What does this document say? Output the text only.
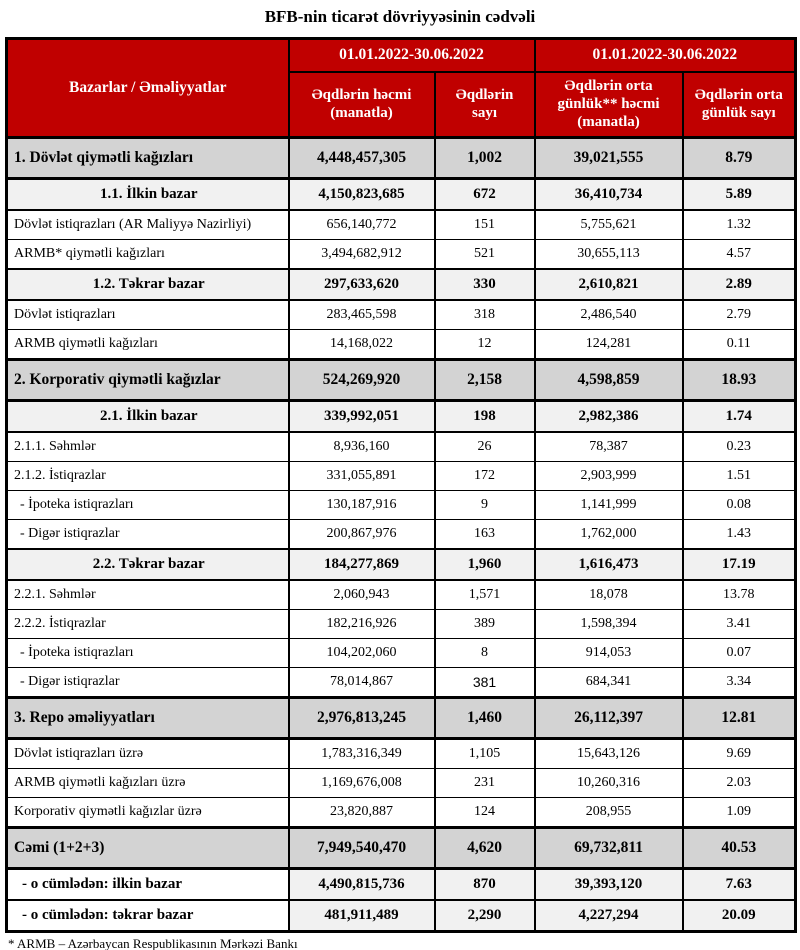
BFB-nin ticarət dövriyyəsinin cədvəli
Bazarlar / Əməliyyatlar	01.01.2022-30.06.2022		01.01.2022-30.06.2022	
	Əqdlərin həcmi (manatla)	Əqdlərin sayı	Əqdlərin orta günlük** həcmi (manatla)	Əqdlərin orta günlük sayı
1. Dövlət qiymətli kağızları	4,448,457,305	1,002	39,021,555	8.79
1.1. İlkin bazar	4,150,823,685	672	36,410,734	5.89
Dövlət istiqrazları (AR Maliyyə Nazirliyi)	656,140,772	151	5,755,621	1.32
ARMB* qiymətli kağızları	3,494,682,912	521	30,655,113	4.57
1.2. Təkrar bazar	297,633,620	330	2,610,821	2.89
Dövlət istiqrazları	283,465,598	318	2,486,540	2.79
ARMB qiymətli kağızları	14,168,022	12	124,281	0.11
2. Korporativ qiymətli kağızlar	524,269,920	2,158	4,598,859	18.93
2.1. İlkin bazar	339,992,051	198	2,982,386	1.74
2.1.1. Səhmlər	8,936,160	26	78,387	0.23
2.1.2. İstiqrazlar	331,055,891	172	2,903,999	1.51
- İpoteka istiqrazları	130,187,916	9	1,141,999	0.08
- Digər istiqrazlar	200,867,976	163	1,762,000	1.43
2.2. Təkrar bazar	184,277,869	1,960	1,616,473	17.19
2.2.1. Səhmlər	2,060,943	1,571	18,078	13.78
2.2.2. İstiqrazlar	182,216,926	389	1,598,394	3.41
- İpoteka istiqrazları	104,202,060	8	914,053	0.07
- Digər istiqrazlar	78,014,867	381	684,341	3.34
3. Repo əməliyyatları	2,976,813,245	1,460	26,112,397	12.81
Dövlət istiqrazları üzrə	1,783,316,349	1,105	15,643,126	9.69
ARMB qiymətli kağızları üzrə	1,169,676,008	231	10,260,316	2.03
Korporativ qiymətli kağızlar üzrə	23,820,887	124	208,955	1.09
Cəmi (1+2+3)	7,949,540,470	4,620	69,732,811	40.53
- o cümlədən: ilkin bazar	4,490,815,736	870	39,393,120	7.63
- o cümlədən: təkrar bazar	481,911,489	2,290	4,227,294	20.09
* ARMB – Azərbaycan Respublikasının Mərkəzi Bankı
